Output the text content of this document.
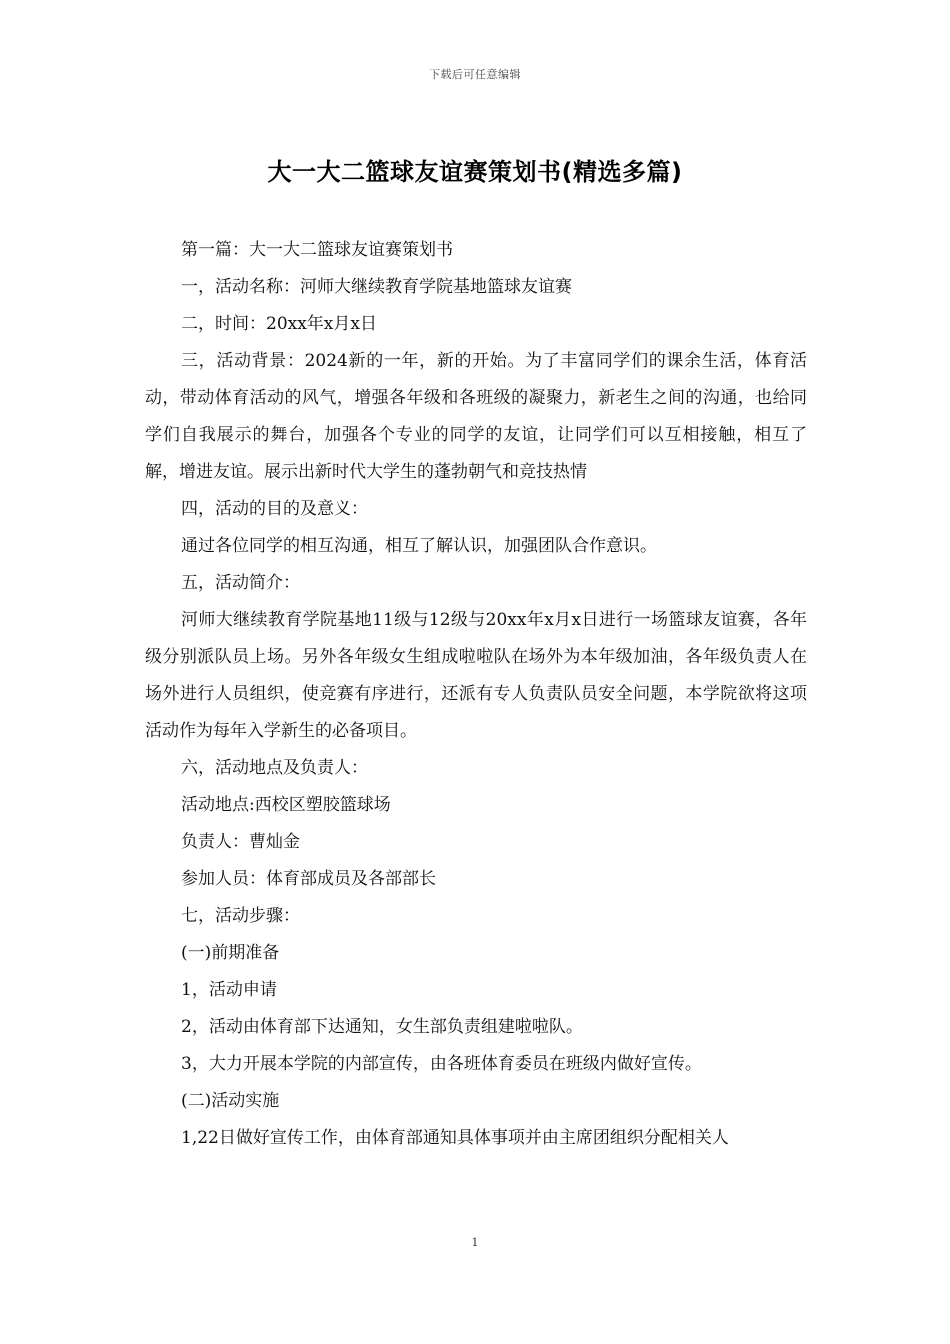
下载后可任意编辑
大一大二篮球友谊赛策划书(精选多篇)

第一篇：大一大二篮球友谊赛策划书

一，活动名称：河师大继续教育学院基地篮球友谊赛

二，时间：20xx年x月x日

三，活动背景：2024新的一年，新的开始。为了丰富同学们的课余生活，体育活动，带动体育活动的风气，增强各年级和各班级的凝聚力，新老生之间的沟通，也给同学们自我展示的舞台，加强各个专业的同学的友谊，让同学们可以互相接触，相互了解，增进友谊。展示出新时代大学生的蓬勃朝气和竞技热情

四，活动的目的及意义：

通过各位同学的相互沟通，相互了解认识，加强团队合作意识。

五，活动简介：

河师大继续教育学院基地11级与12级与20xx年x月x日进行一场篮球友谊赛，各年级分别派队员上场。另外各年级女生组成啦啦队在场外为本年级加油，各年级负责人在场外进行人员组织，使竞赛有序进行，还派有专人负责队员安全问题，本学院欲将这项活动作为每年入学新生的必备项目。

六，活动地点及负责人：

活动地点:西校区塑胶篮球场

负责人：曹灿金

参加人员：体育部成员及各部部长

七，活动步骤：

(一)前期准备

1，活动申请

2，活动由体育部下达通知，女生部负责组建啦啦队。

3，大力开展本学院的内部宣传，由各班体育委员在班级内做好宣传。

(二)活动实施

1,22日做好宣传工作，由体育部通知具体事项并由主席团组织分配相关人

1
